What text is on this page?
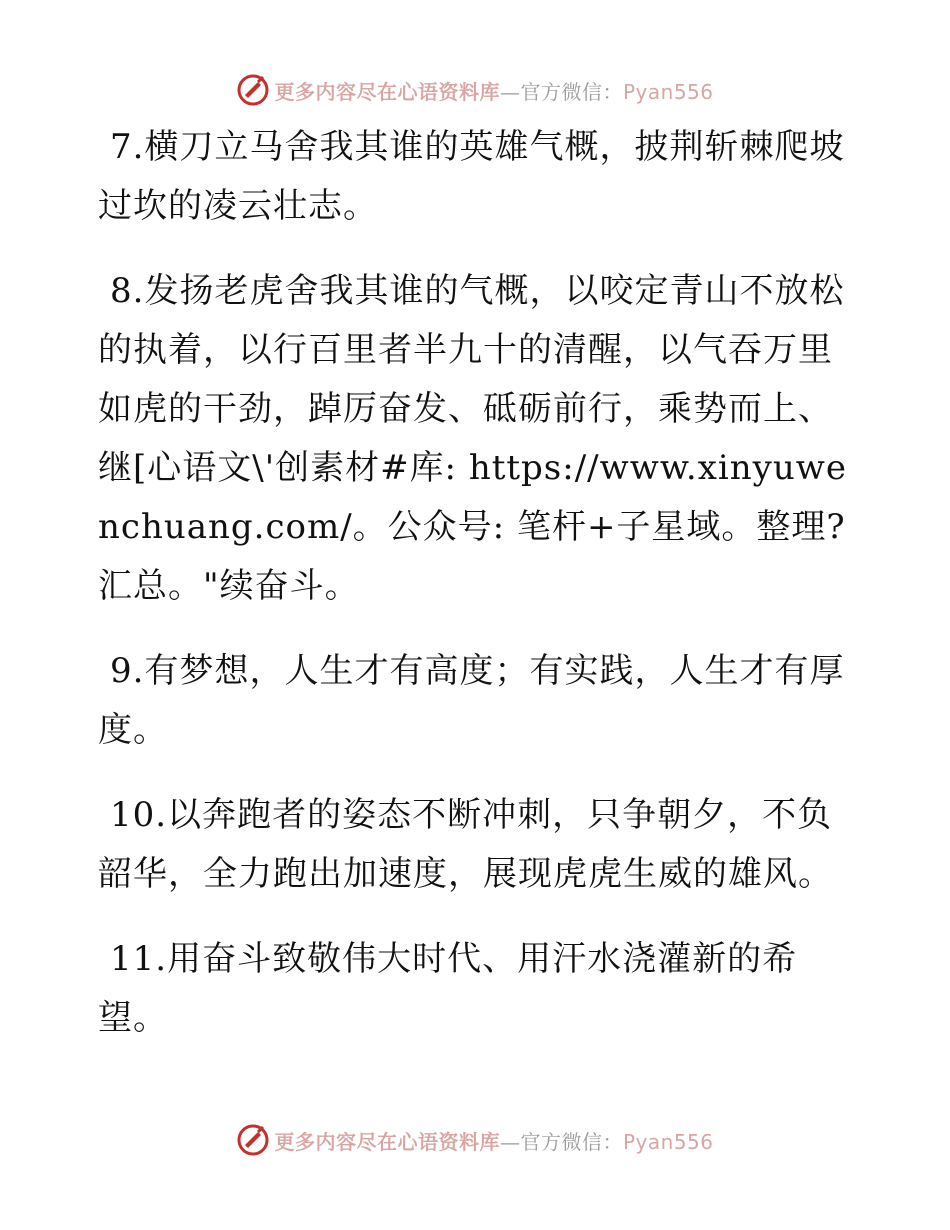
更多内容尽在心语资料库—官方微信：Pyan556

7.横刀立马舍我其谁的英雄气概，披荆斩棘爬坡过坎的凌云壮志。

8.发扬老虎舍我其谁的气概，以咬定青山不放松的执着，以行百里者半九十的清醒，以气吞万里如虎的干劲，踔厉奋发、砥砺前行，乘势而上、继[心语文\'创素材#库: https://www.xinyuwenchuang.com/。公众号: 笔杆+子星域。整理?汇总。"续奋斗。

9.有梦想，人生才有高度；有实践，人生才有厚度。

10.以奔跑者的姿态不断冲刺，只争朝夕，不负韶华，全力跑出加速度，展现虎虎生威的雄风。

11.用奋斗致敬伟大时代、用汗水浇灌新的希望。

更多内容尽在心语资料库—官方微信：Pyan556
